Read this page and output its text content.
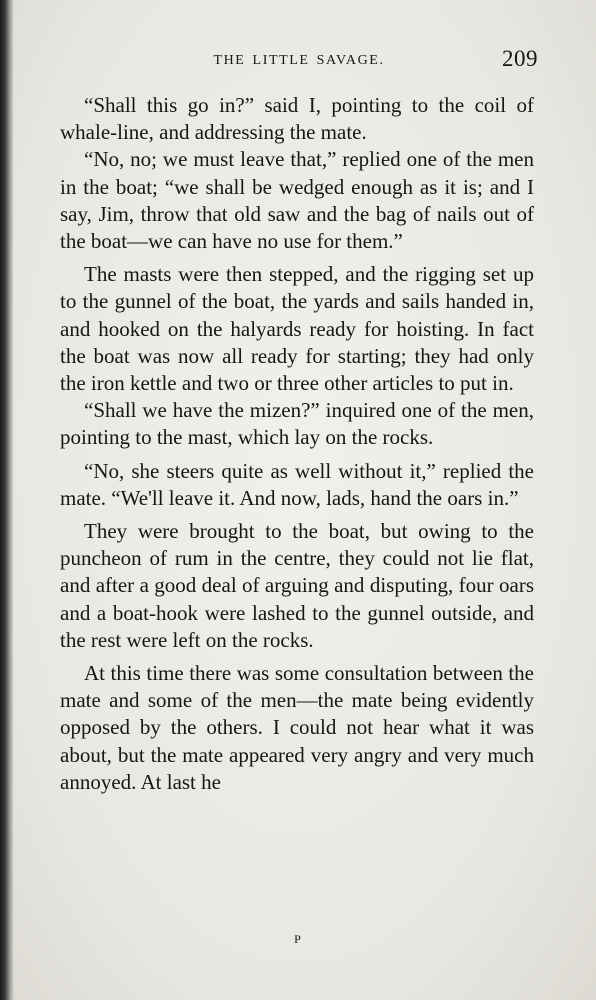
THE LITTLE SAVAGE.	209

“Shall this go in?” said I, pointing to the coil of whale-line, and addressing the mate.

“No, no; we must leave that,” replied one of the men in the boat; “we shall be wedged enough as it is; and I say, Jim, throw that old saw and the bag of nails out of the boat—we can have no use for them.”

The masts were then stepped, and the rigging set up to the gunnel of the boat, the yards and sails handed in, and hooked on the halyards ready for hoisting. In fact the boat was now all ready for starting; they had only the iron kettle and two or three other articles to put in.

“Shall we have the mizen?” inquired one of the men, pointing to the mast, which lay on the rocks.

“No, she steers quite as well without it,” replied the mate. “We'll leave it. And now, lads, hand the oars in.”

They were brought to the boat, but owing to the puncheon of rum in the centre, they could not lie flat, and after a good deal of arguing and disputing, four oars and a boat-hook were lashed to the gunnel outside, and the rest were left on the rocks.

At this time there was some consultation between the mate and some of the men—the mate being evidently opposed by the others. I could not hear what it was about, but the mate appeared very angry and very much annoyed. At last he

P
